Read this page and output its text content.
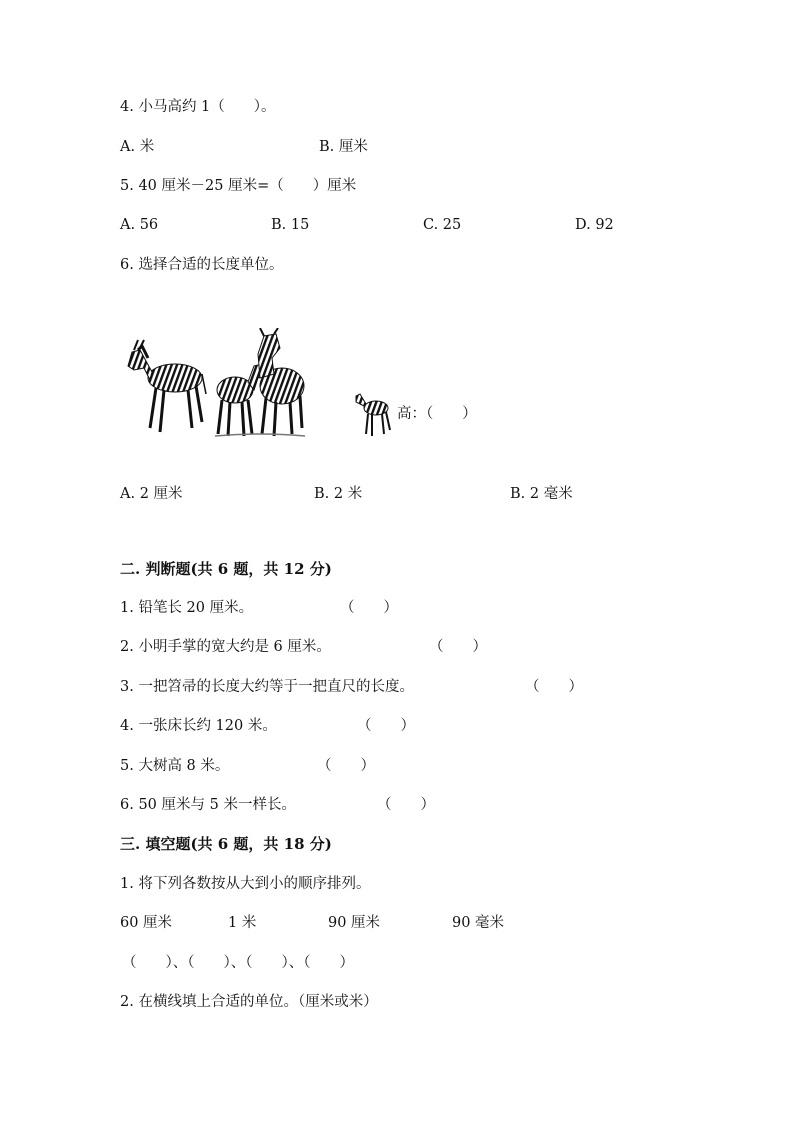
4. 小马高约 1（　　）。
A. 米	B. 厘米
5. 40 厘米－25 厘米=（　　）厘米
A. 56	B. 15	C. 25	D. 92
6. 选择合适的长度单位。
高：（　　）
A. 2 厘米	B. 2 米	B. 2 毫米
二. 判断题(共 6 题，共 12 分)
1. 铅笔长 20 厘米。	（　　）
2. 小明手掌的宽大约是 6 厘米。	（　　）
3. 一把笤帚的长度大约等于一把直尺的长度。	（　　）
4. 一张床长约 120 米。	（　　）
5. 大树高 8 米。	（　　）
6. 50 厘米与 5 米一样长。	（　　）
三. 填空题(共 6 题，共 18 分)
1. 将下列各数按从大到小的顺序排列。
60 厘米	1 米	90 厘米	90 毫米
（　　）、（　　）、（　　）、（　　）
2. 在横线填上合适的单位。（厘米或米）
